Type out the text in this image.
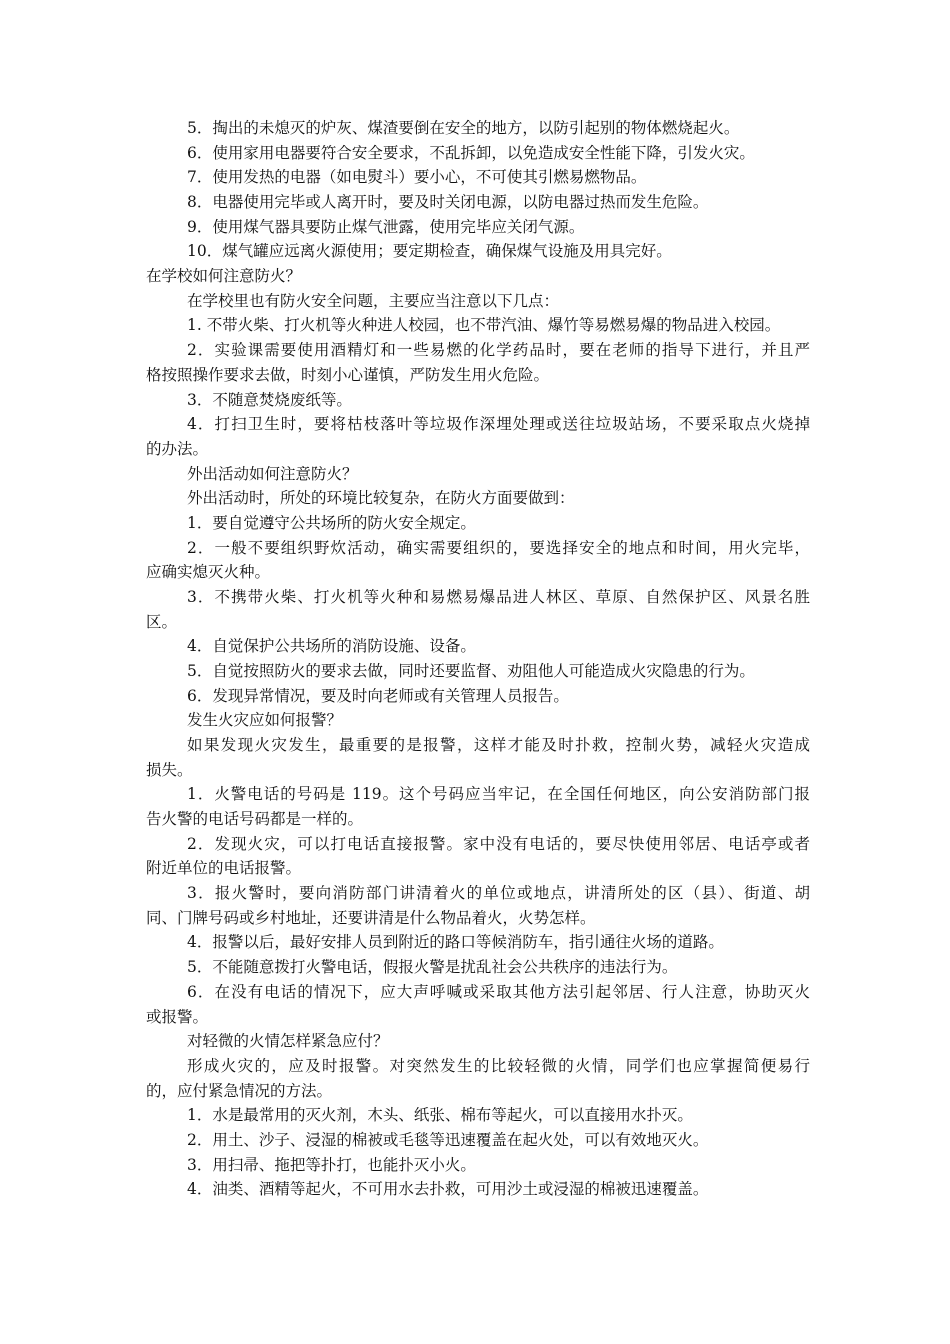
5．掏出的未熄灭的炉灰、煤渣要倒在安全的地方，以防引起别的物体燃烧起火。
6．使用家用电器要符合安全要求，不乱拆卸，以免造成安全性能下降，引发火灾。
7．使用发热的电器（如电熨斗）要小心，不可使其引燃易燃物品。
8．电器使用完毕或人离开时，要及时关闭电源，以防电器过热而发生危险。
9．使用煤气器具要防止煤气泄露，使用完毕应关闭气源。
10．煤气罐应远离火源使用；要定期检查，确保煤气设施及用具完好。
在学校如何注意防火？
在学校里也有防火安全问题，主要应当注意以下几点：
1. 不带火柴、打火机等火种进人校园，也不带汽油、爆竹等易燃易爆的物品进入校园。
2．实验课需要使用酒精灯和一些易燃的化学药品时，要在老师的指导下进行，并且严
格按照操作要求去做，时刻小心谨慎，严防发生用火危险。
3．不随意焚烧废纸等。
4．打扫卫生时，要将枯枝落叶等垃圾作深埋处理或送往垃圾站场，不要采取点火烧掉
的办法。
外出活动如何注意防火？
外出活动时，所处的环境比较复杂，在防火方面要做到：
1．要自觉遵守公共场所的防火安全规定。
2．一般不要组织野炊活动，确实需要组织的，要选择安全的地点和时间，用火完毕，
应确实熄灭火种。
3．不携带火柴、打火机等火种和易燃易爆品进人林区、草原、自然保护区、风景名胜
区。
4．自觉保护公共场所的消防设施、设备。
5．自觉按照防火的要求去做，同时还要监督、劝阻他人可能造成火灾隐患的行为。
6．发现异常情况，要及时向老师或有关管理人员报告。
发生火灾应如何报警？
如果发现火灾发生，最重要的是报警，这样才能及时扑救，控制火势，减轻火灾造成
损失。
1．火警电话的号码是 119。这个号码应当牢记，在全国任何地区，向公安消防部门报
告火警的电话号码都是一样的。
2．发现火灾，可以打电话直接报警。家中没有电话的，要尽快使用邻居、电话亭或者
附近单位的电话报警。
3．报火警时，要向消防部门讲清着火的单位或地点，讲清所处的区（县）、街道、胡
同、门牌号码或乡村地址，还要讲清是什么物品着火，火势怎样。
4．报警以后，最好安排人员到附近的路口等候消防车，指引通往火场的道路。
5．不能随意拨打火警电话，假报火警是扰乱社会公共秩序的违法行为。
6．在没有电话的情况下，应大声呼喊或采取其他方法引起邻居、行人注意，协助灭火
或报警。
对轻微的火情怎样紧急应付？
形成火灾的，应及时报警。对突然发生的比较轻微的火情，同学们也应掌握简便易行
的，应付紧急情况的方法。
1．水是最常用的灭火剂，木头、纸张、棉布等起火，可以直接用水扑灭。
2．用土、沙子、浸湿的棉被或毛毯等迅速覆盖在起火处，可以有效地灭火。
3．用扫帚、拖把等扑打，也能扑灭小火。
4．油类、酒精等起火，不可用水去扑救，可用沙土或浸湿的棉被迅速覆盖。
